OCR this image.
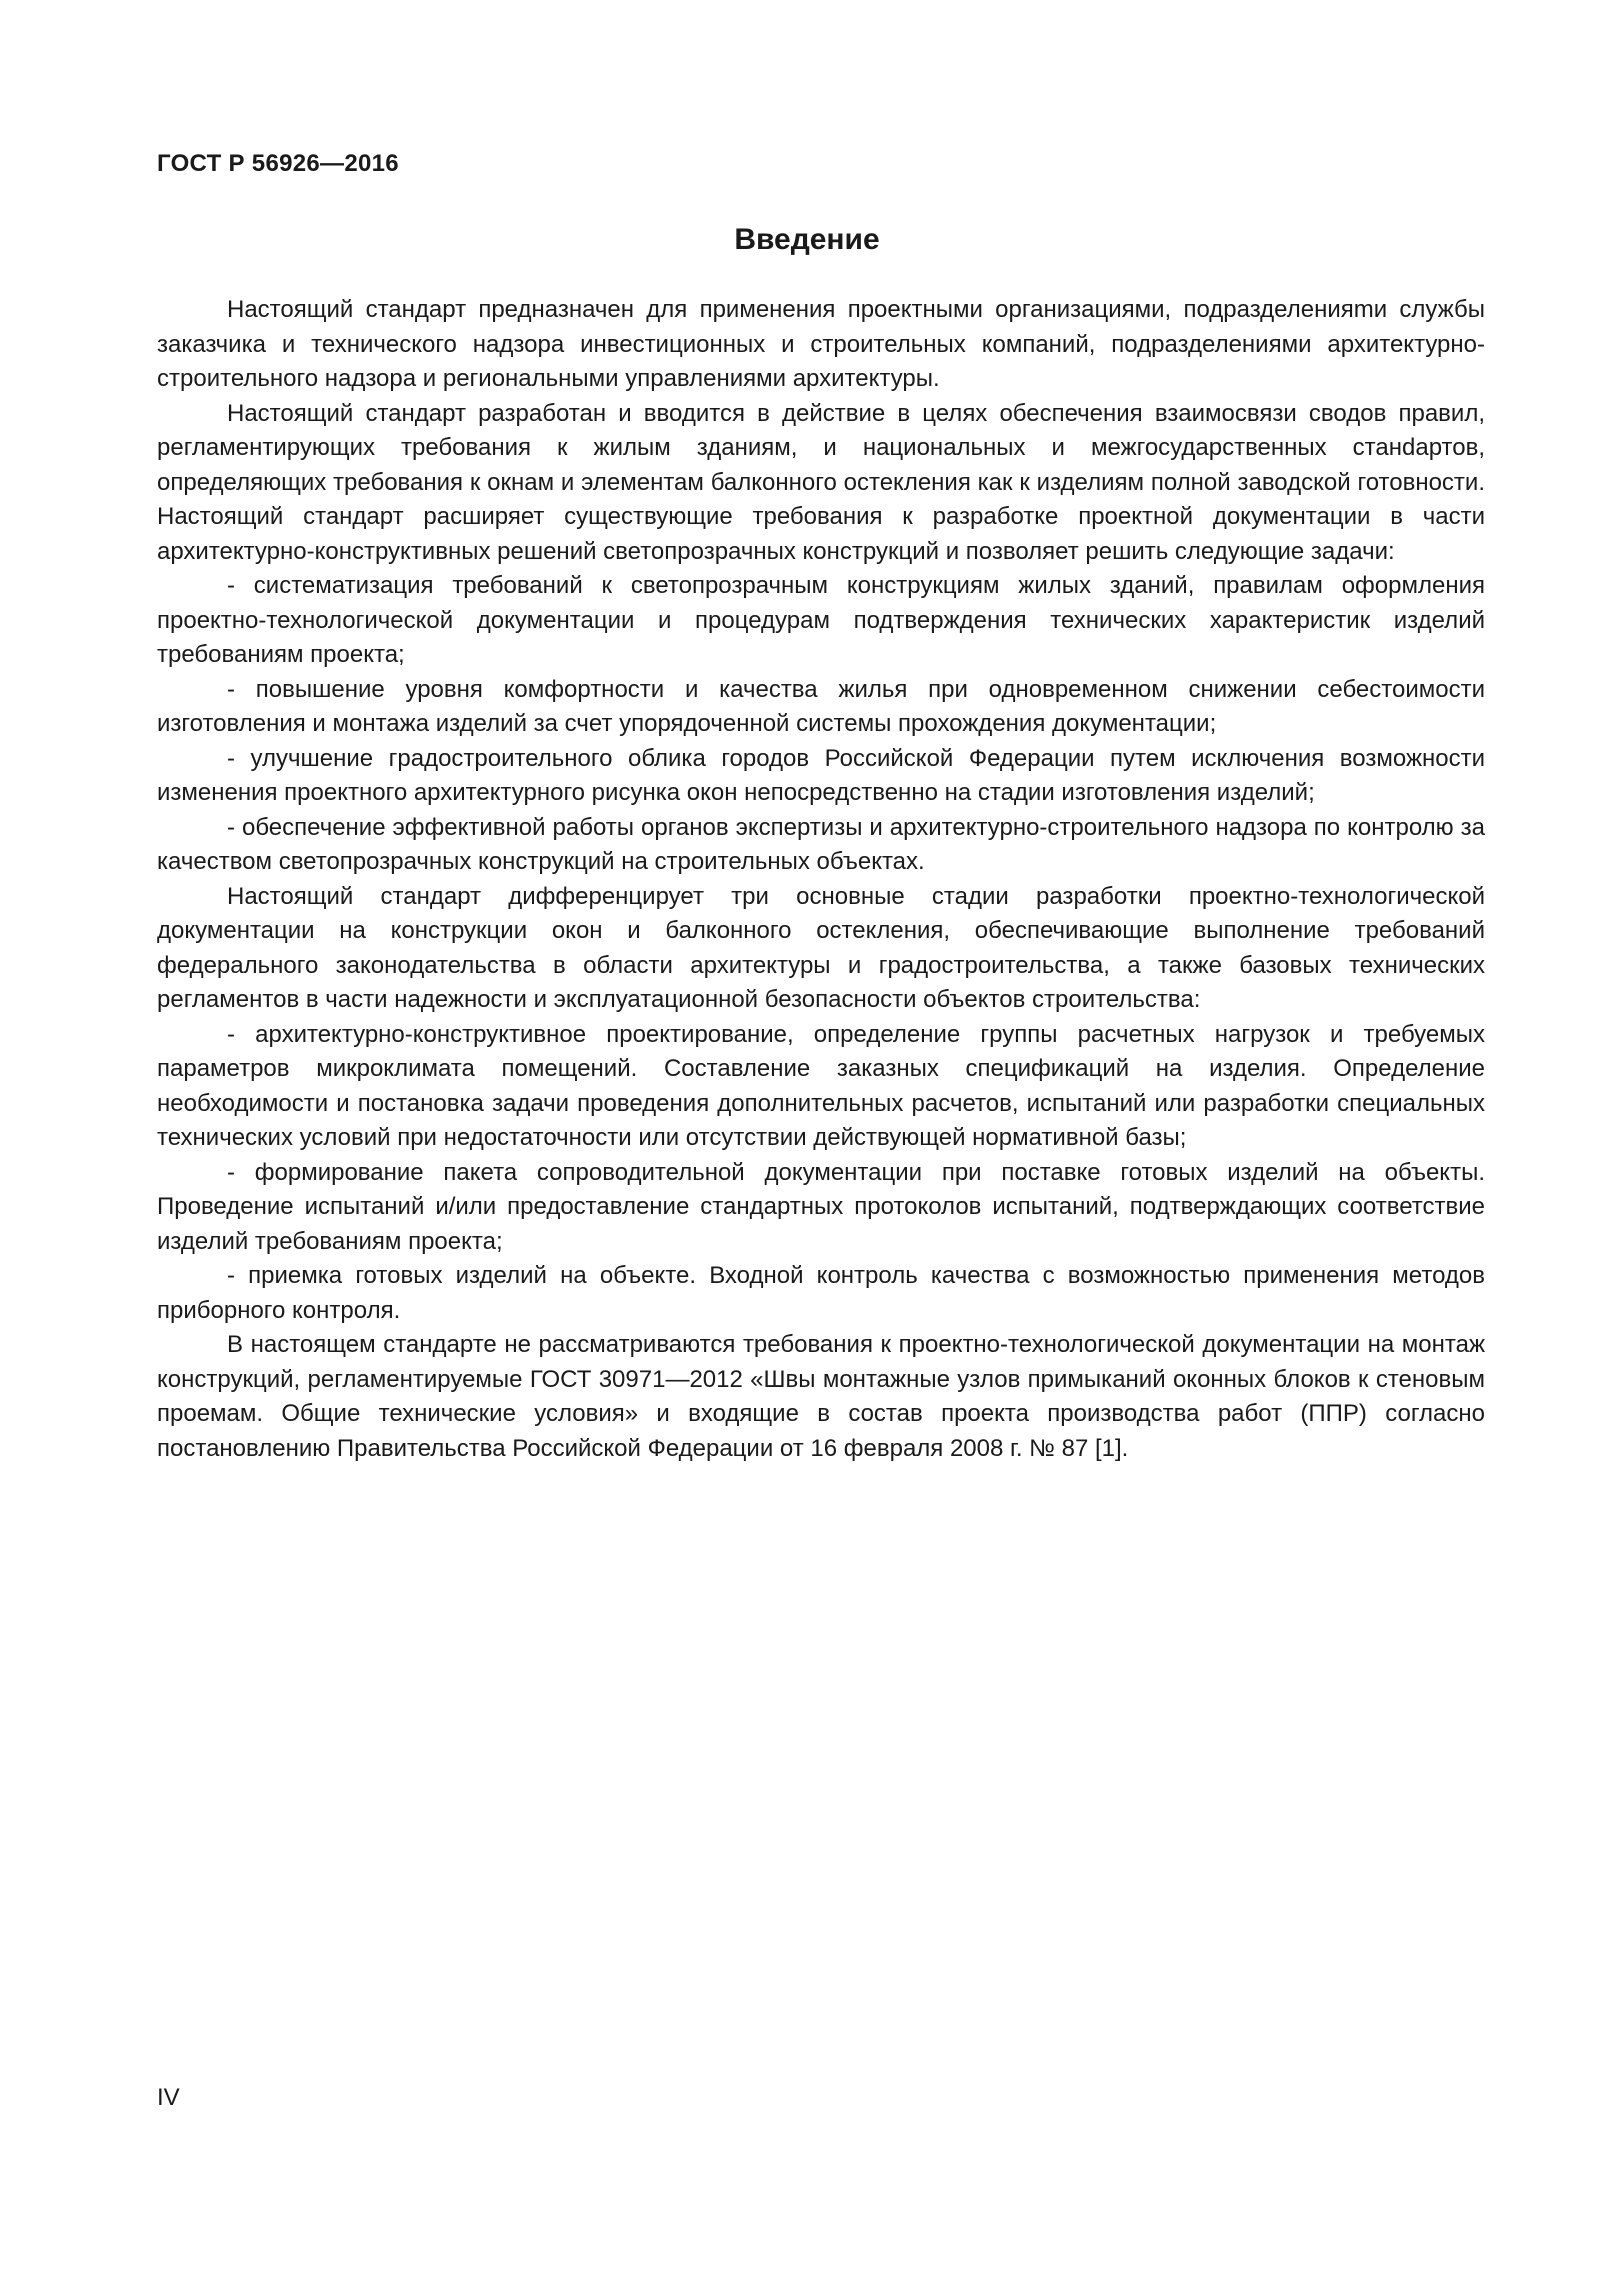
ГОСТ Р 56926—2016
Введение

Настоящий стандарт предназначен для применения проектными организациями, подразделенияmи службы заказчика и технического надзора инвестиционных и строительных компаний, подразделениями архитектурно-строительного надзора и региональными управлениями архитектуры.

Настоящий стандарт разработан и вводится в действие в целях обеспечения взаимосвязи сводов правил, регламентирующих требования к жилым зданиям, и национальных и межгосударственных станdартов, определяющих требования к окнам и элементам балконного остекления как к изделиям полной заводской готовности. Настоящий стандарт расширяет существующие требования к разработке проектной документации в части архитектурно-конструктивных решений светопрозрачных конструкций и позволяет решить следующие задачи:

- систематизация требований к светопрозрачным конструкциям жилых зданий, правилам оформления проектно-технологической документации и процедурам подтверждения технических характеристик изделий требованиям проекта;

- повышение уровня комфортности и качества жилья при одновременном снижении себестоимости изготовления и монтажа изделий за счет упорядоченной системы прохождения документации;

- улучшение градостроительного облика городов Российской Федерации путем исключения возможности изменения проектного архитектурного рисунка окон непосредственно на стадии изготовления изделий;

- обеспечение эффективной работы органов экспертизы и архитектурно-строительного надзора по контролю за качеством светопрозрачных конструкций на строительных объектах.

Настоящий стандарт дифференцирует три основные стадии разработки проектно-технологической документации на конструкции окон и балконного остекления, обеспечивающие выполнение требований федерального законодательства в области архитектуры и градостроительства, а также базовых технических регламентов в части надежности и эксплуатационной безопасности объектов строительства:

- архитектурно-конструктивное проектирование, определение группы расчетных нагрузок и требуемых параметров микроклимата помещений. Составление заказных спецификаций на изделия. Определение необходимости и постановка задачи проведения дополнительных расчетов, испытаний или разработки специальных технических условий при недостаточности или отсутствии действующей нормативной базы;

- формирование пакета сопроводительной документации при поставке готовых изделий на объекты. Проведение испытаний и/или предоставление стандартных протоколов испытаний, подтверждающих соответствие изделий требованиям проекта;

- приемка готовых изделий на объекте. Входной контроль качества с возможностью применения методов приборного контроля.

В настоящем стандарте не рассматриваются требования к проектно-технологической документации на монтаж конструкций, регламентируемые ГОСТ 30971—2012 «Швы монтажные узлов примыканий оконных блоков к стеновым проемам. Общие технические условия» и входящие в состав проекта производства работ (ППР) согласно постановлению Правительства Российской Федерации от 16 февраля 2008 г. № 87 [1].

IV
